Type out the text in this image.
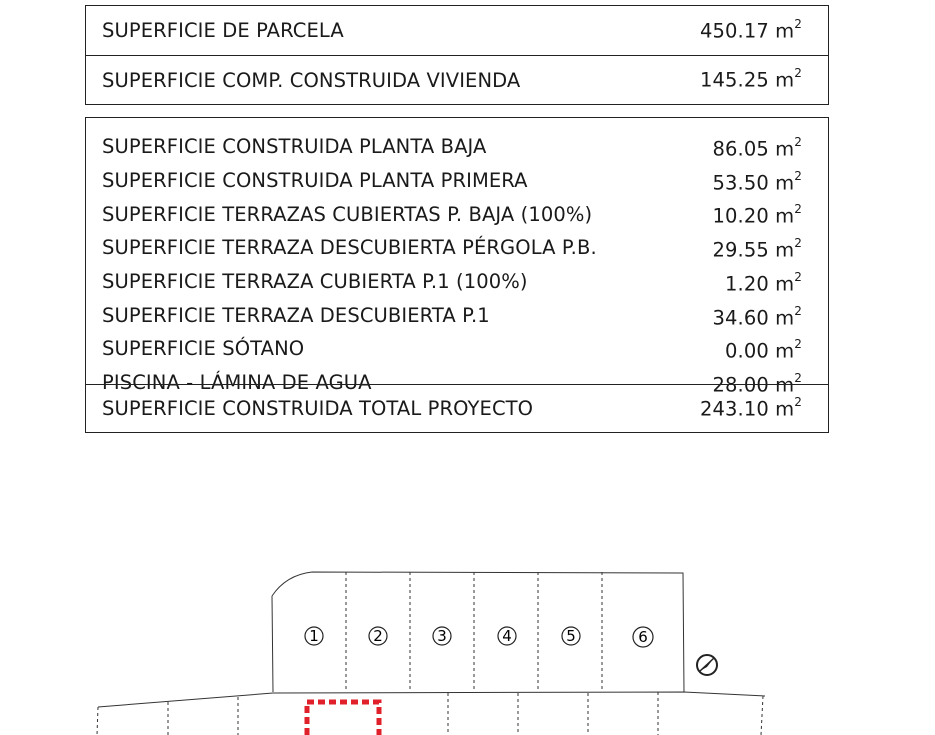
SUPERFICIE DE PARCELA	450.17 $m^2$
SUPERFICIE COMP. CONSTRUIDA VIVIENDA	145.25 $m^2$
SUPERFICIE CONSTRUIDA PLANTA BAJA	86.05 $m^2$
SUPERFICIE CONSTRUIDA PLANTA PRIMERA	53.50 $m^2$
SUPERFICIE TERRAZAS CUBIERTAS P. BAJA (100%)	10.20 $m^2$
SUPERFICIE TERRAZA DESCUBIERTA PÉRGOLA P.B.	29.55 $m^2$
SUPERFICIE TERRAZA CUBIERTA P.1 (100%)	1.20 $m^2$
SUPERFICIE TERRAZA DESCUBIERTA P.1	34.60 $m^2$
SUPERFICIE SÓTANO	0.00 $m^2$
PISCINA - LÁMINA DE AGUA	28.00 $m^2$
SUPERFICIE CONSTRUIDA TOTAL PROYECTO	243.10 $m^2$
1	2	3	4	5	6
